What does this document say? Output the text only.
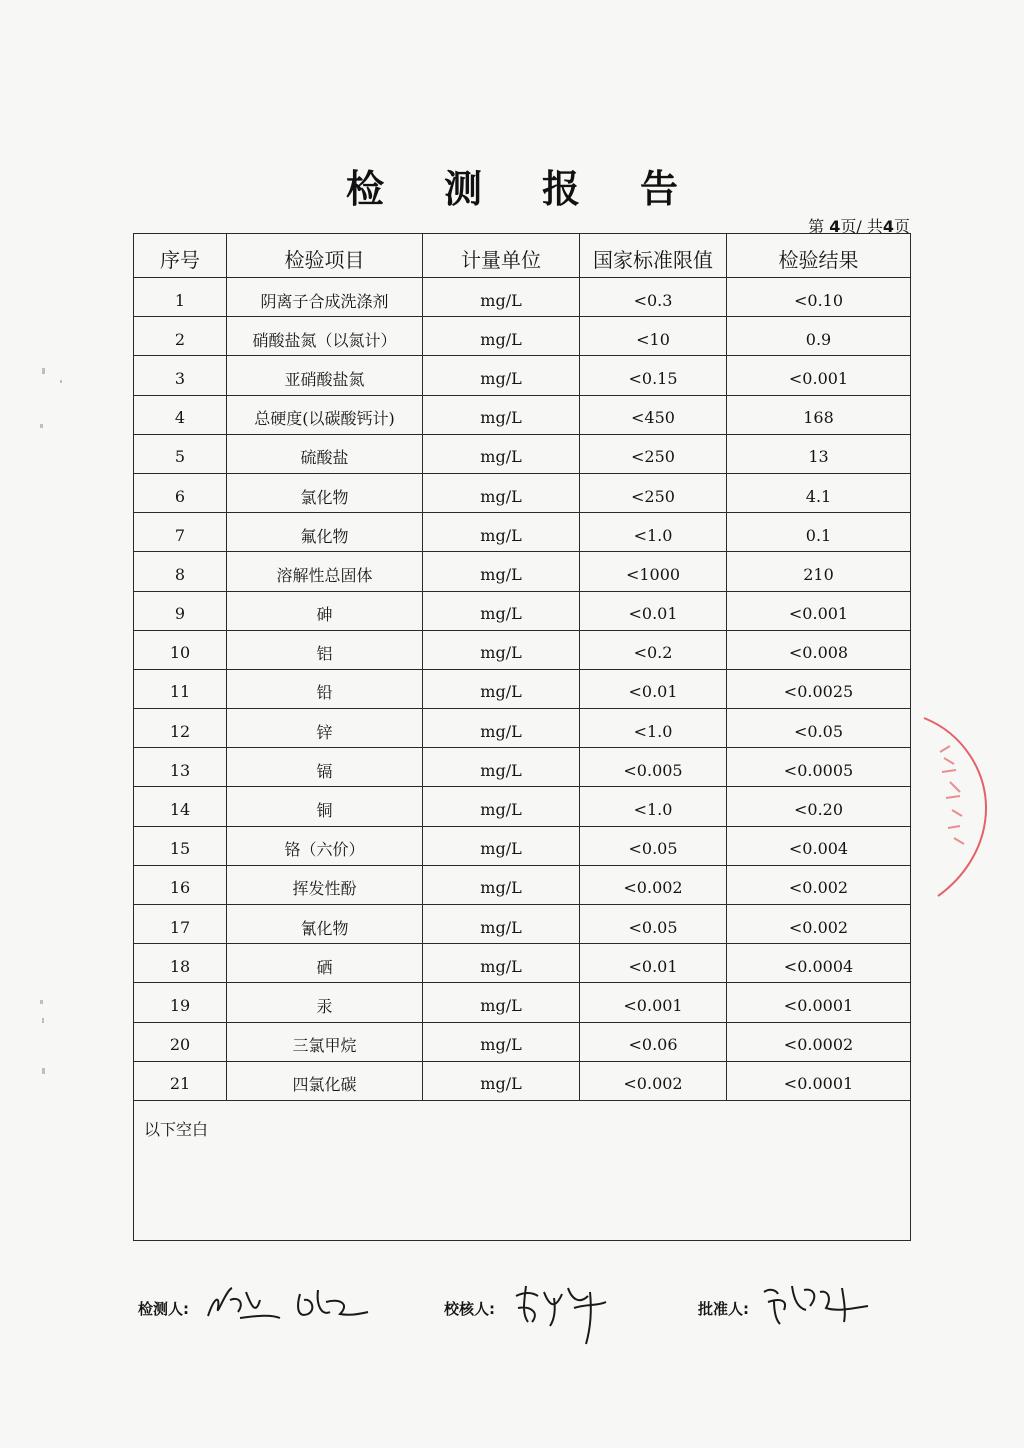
检测报告
第 4页/ 共4页
序号	检验项目	计量单位	国家标准限值	检验结果
1	阴离子合成洗涤剂	mg/L	<0.3	<0.10
2	硝酸盐氮（以氮计）	mg/L	<10	0.9
3	亚硝酸盐氮	mg/L	<0.15	<0.001
4	总硬度(以碳酸钙计)	mg/L	<450	168
5	硫酸盐	mg/L	<250	13
6	氯化物	mg/L	<250	4.1
7	氟化物	mg/L	<1.0	0.1
8	溶解性总固体	mg/L	<1000	210
9	砷	mg/L	<0.01	<0.001
10	铝	mg/L	<0.2	<0.008
11	铅	mg/L	<0.01	<0.0025
12	锌	mg/L	<1.0	<0.05
13	镉	mg/L	<0.005	<0.0005
14	铜	mg/L	<1.0	<0.20
15	铬（六价）	mg/L	<0.05	<0.004
16	挥发性酚	mg/L	<0.002	<0.002
17	氰化物	mg/L	<0.05	<0.002
18	硒	mg/L	<0.01	<0.0004
19	汞	mg/L	<0.001	<0.0001
20	三氯甲烷	mg/L	<0.06	<0.0002
21	四氯化碳	mg/L	<0.002	<0.0001
以下空白				
检测人:	校核人:	批准人:
